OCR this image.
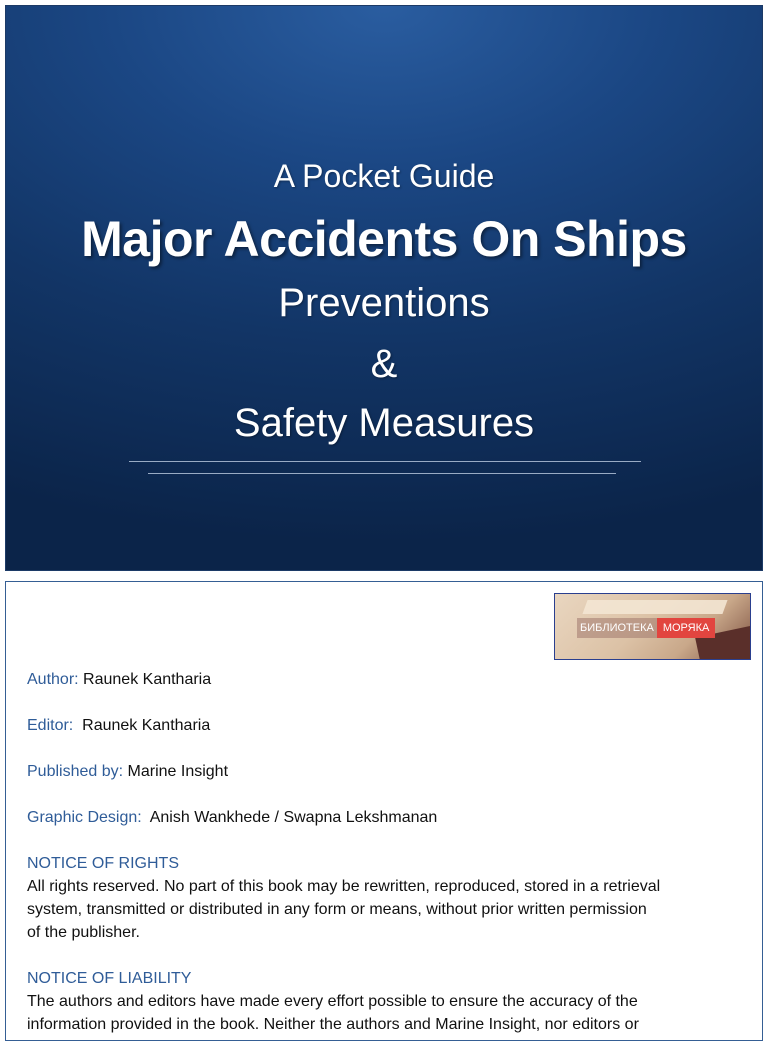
A Pocket Guide
Major Accidents On Ships
Preventions
&
Safety Measures
БИБЛИОТЕКА МОРЯКА
Author: Raunek Kantharia
Editor: Raunek Kantharia
Published by: Marine Insight
Graphic Design: Anish Wankhede / Swapna Lekshmanan
NOTICE OF RIGHTS
All rights reserved. No part of this book may be rewritten, reproduced, stored in a retrieval
system, transmitted or distributed in any form or means, without prior written permission
of the publisher.
NOTICE OF LIABILITY
The authors and editors have made every effort possible to ensure the accuracy of the
information provided in the book. Neither the authors and Marine Insight, nor editors or
